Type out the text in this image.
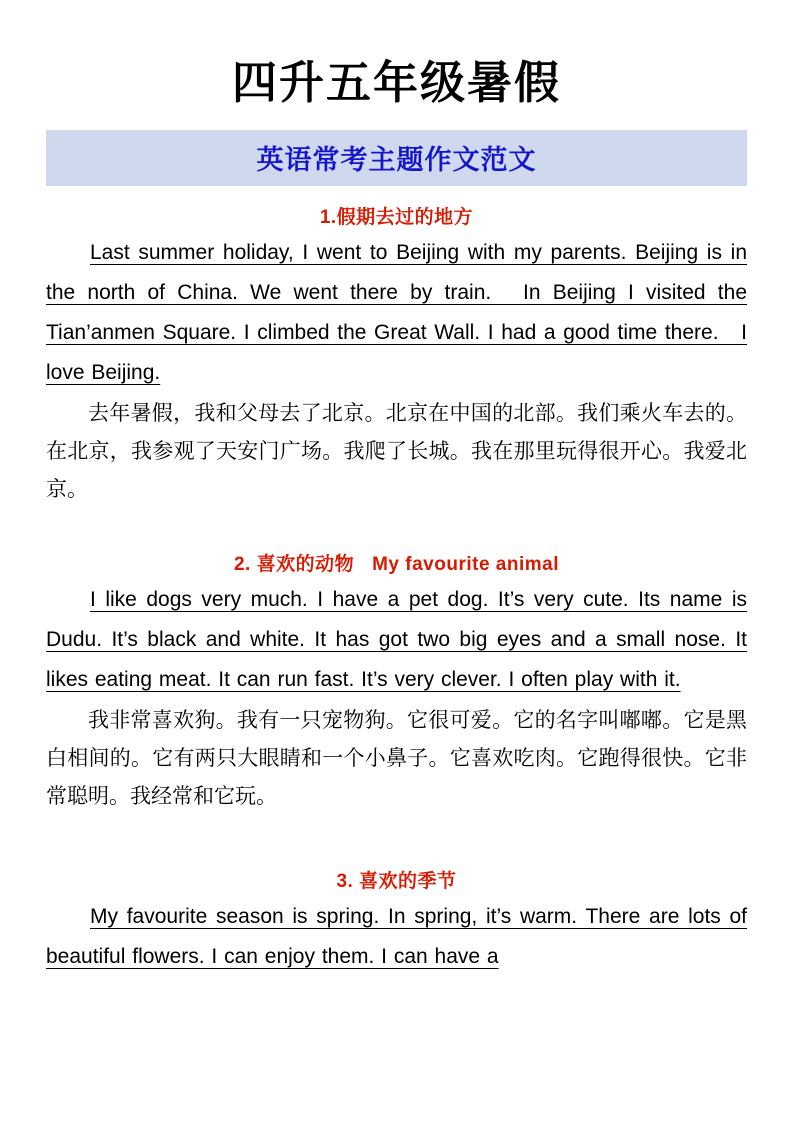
四升五年级暑假
英语常考主题作文范文
1.假期去过的地方

Last summer holiday, I went to Beijing with my parents. Beijing is in the north of China. We went there by train.　In Beijing I visited the Tian’anmen Square. I climbed the Great Wall. I had a good time there.　I love Beijing.

去年暑假，我和父母去了北京。北京在中国的北部。我们乘火车去的。在北京，我参观了天安门广场。我爬了长城。我在那里玩得很开心。我爱北京。

2. 喜欢的动物 My favourite animal

I like dogs very much. I have a pet dog. It’s very cute. Its name is Dudu. It’s black and white. It has got two big eyes and a small nose. It likes eating meat. It can run fast. It’s very clever. I often play with it.

我非常喜欢狗。我有一只宠物狗。它很可爱。它的名字叫嘟嘟。它是黑白相间的。它有两只大眼睛和一个小鼻子。它喜欢吃肉。它跑得很快。它非常聪明。我经常和它玩。

3. 喜欢的季节

My favourite season is spring. In spring, it’s warm. There are lots of beautiful flowers. I can enjoy them. I can have a
